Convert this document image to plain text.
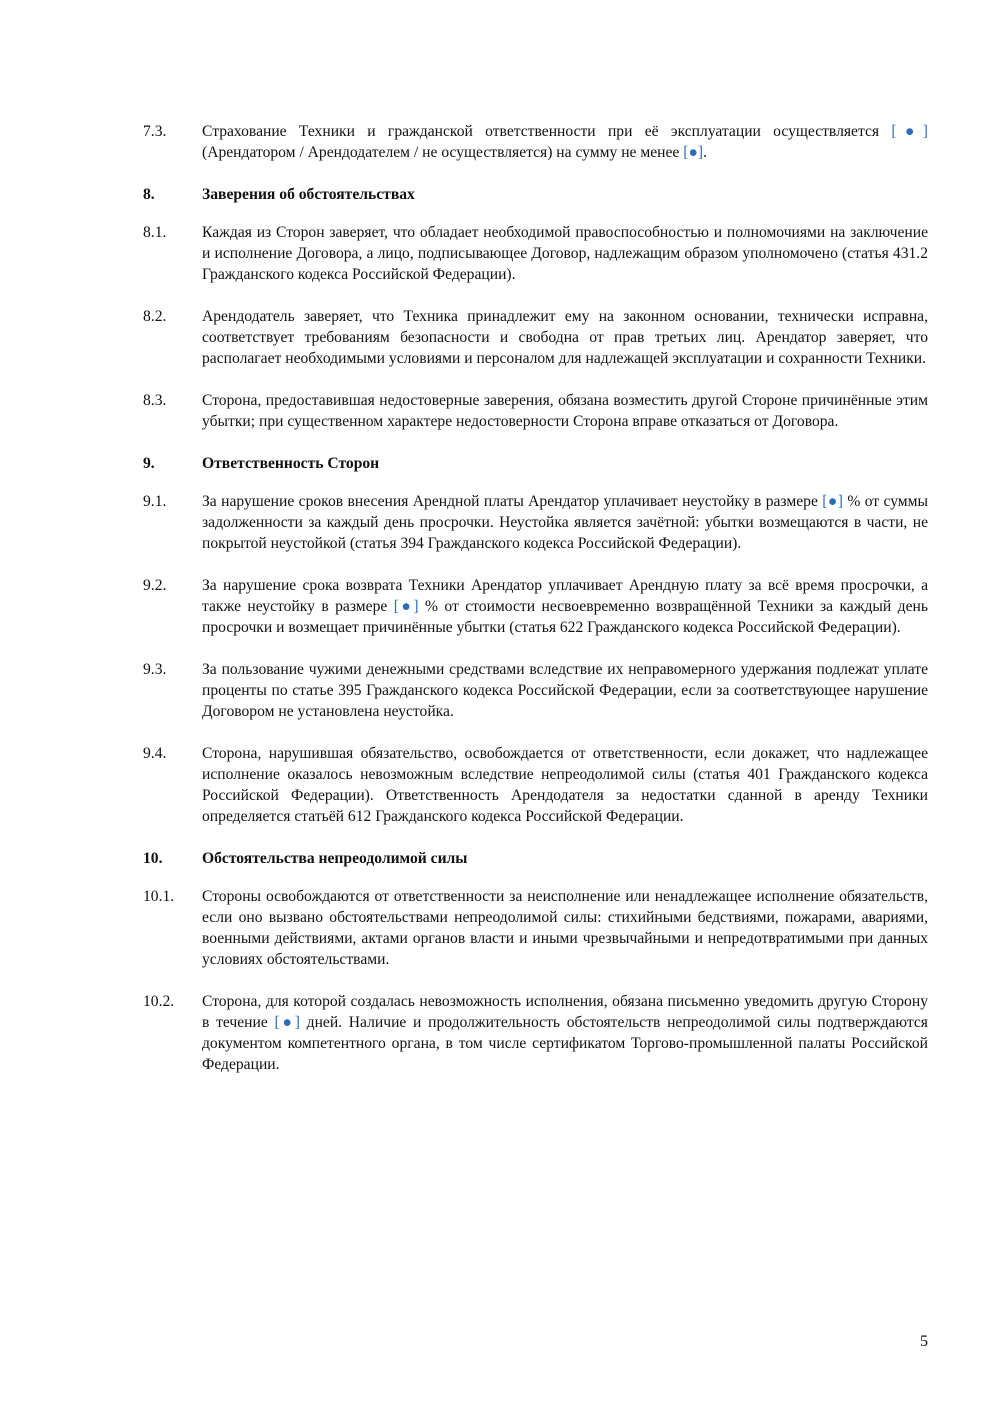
7.3.	Страхование Техники и гражданской ответственности при её эксплуатации осуществляется [●] (Арендатором / Арендодателем / не осуществляется) на сумму не менее [●].
8.	Заверения об обстоятельствах
8.1.	Каждая из Сторон заверяет, что обладает необходимой правоспособностью и полномочиями на заключение и исполнение Договора, а лицо, подписывающее Договор, надлежащим образом уполномочено (статья 431.2 Гражданского кодекса Российской Федерации).
8.2.	Арендодатель заверяет, что Техника принадлежит ему на законном основании, технически исправна, соответствует требованиям безопасности и свободна от прав третьих лиц. Арендатор заверяет, что располагает необходимыми условиями и персоналом для надлежащей эксплуатации и сохранности Техники.
8.3.	Сторона, предоставившая недостоверные заверения, обязана возместить другой Стороне причинённые этим убытки; при существенном характере недостоверности Сторона вправе отказаться от Договора.
9.	Ответственность Сторон
9.1.	За нарушение сроков внесения Арендной платы Арендатор уплачивает неустойку в размере [●] % от суммы задолженности за каждый день просрочки. Неустойка является зачётной: убытки возмещаются в части, не покрытой неустойкой (статья 394 Гражданского кодекса Российской Федерации).
9.2.	За нарушение срока возврата Техники Арендатор уплачивает Арендную плату за всё время просрочки, а также неустойку в размере [●] % от стоимости несвоевременно возвращённой Техники за каждый день просрочки и возмещает причинённые убытки (статья 622 Гражданского кодекса Российской Федерации).
9.3.	За пользование чужими денежными средствами вследствие их неправомерного удержания подлежат уплате проценты по статье 395 Гражданского кодекса Российской Федерации, если за соответствующее нарушение Договором не установлена неустойка.
9.4.	Сторона, нарушившая обязательство, освобождается от ответственности, если докажет, что надлежащее исполнение оказалось невозможным вследствие непреодолимой силы (статья 401 Гражданского кодекса Российской Федерации). Ответственность Арендодателя за недостатки сданной в аренду Техники определяется статьёй 612 Гражданского кодекса Российской Федерации.
10.	Обстоятельства непреодолимой силы
10.1.	Стороны освобождаются от ответственности за неисполнение или ненадлежащее исполнение обязательств, если оно вызвано обстоятельствами непреодолимой силы: стихийными бедствиями, пожарами, авариями, военными действиями, актами органов власти и иными чрезвычайными и непредотвратимыми при данных условиях обстоятельствами.
10.2.	Сторона, для которой создалась невозможность исполнения, обязана письменно уведомить другую Сторону в течение [●] дней. Наличие и продолжительность обстоятельств непреодолимой силы подтверждаются документом компетентного органа, в том числе сертификатом Торгово-промышленной палаты Российской Федерации.
5
